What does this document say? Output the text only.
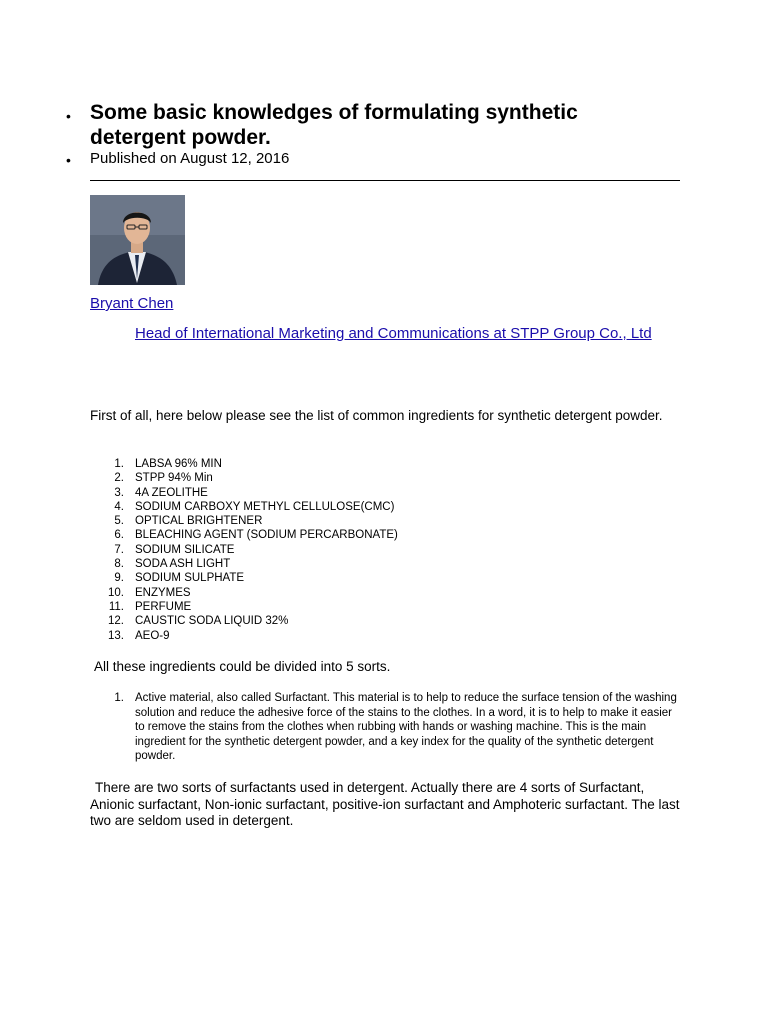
• Some basic knowledges of formulating synthetic detergent powder.
• Published on August 12, 2016
Bryant Chen
Head of International Marketing and Communications at STPP Group Co., Ltd

First of all, here below please see the list of common ingredients for synthetic detergent powder.

1. LABSA 96% MIN
2. STPP 94% Min
3. 4A ZEOLITHE
4. SODIUM CARBOXY METHYL CELLULOSE(CMC)
5. OPTICAL BRIGHTENER
6. BLEACHING AGENT (SODIUM PERCARBONATE)
7. SODIUM SILICATE
8. SODA ASH LIGHT
9. SODIUM SULPHATE
10. ENZYMES
11. PERFUME
12. CAUSTIC SODA LIQUID 32%
13. AEO-9

All these ingredients could be divided into 5 sorts.

1. Active material, also called Surfactant. This material is to help to reduce the surface tension of the washing solution and reduce the adhesive force of the stains to the clothes. In a word, it is to help to make it easier to remove the stains from the clothes when rubbing with hands or washing machine. This is the main ingredient for the synthetic detergent powder, and a key index for the quality of the synthetic detergent powder.

There are two sorts of surfactants used in detergent. Actually there are 4 sorts of Surfactant, Anionic surfactant, Non-ionic surfactant, positive-ion surfactant and Amphoteric surfactant. The last two are seldom used in detergent.
